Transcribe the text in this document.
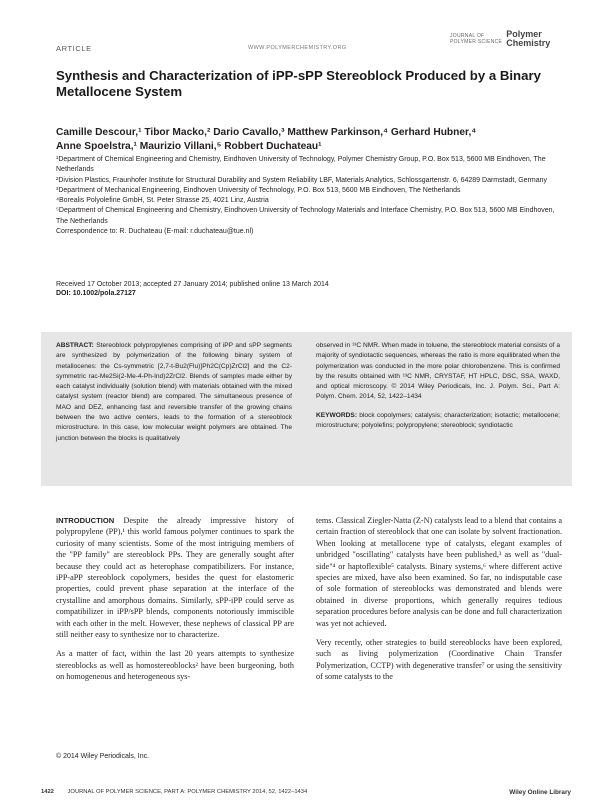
ARTICLE	WWW.POLYMERCHEMISTRY.ORG
JOURNAL OF
POLYMER SCIENCE
Polymer
Chemistry
Synthesis and Characterization of iPP-sPP Stereoblock Produced by a Binary Metallocene System
Camille Descour,¹ Tibor Macko,² Dario Cavallo,³ Matthew Parkinson,⁴ Gerhard Hubner,⁴
Anne Spoelstra,¹ Maurizio Villani,⁵ Robbert Duchateau¹
¹Department of Chemical Engineering and Chemistry, Eindhoven University of Technology, Polymer Chemistry Group, P.O. Box 513, 5600 MB Eindhoven, The Netherlands
²Division Plastics, Fraunhofer Institute for Structural Durability and System Reliability LBF, Materials Analytics, Schlossgartenstr. 6, 64289 Darmstadt, Germany
³Department of Mechanical Engineering, Eindhoven University of Technology, P.O. Box 513, 5600 MB Eindhoven, The Netherlands
⁴Borealis Polyolefine GmbH, St. Peter Strasse 25, 4021 Linz, Austria
⁵Department of Chemical Engineering and Chemistry, Eindhoven University of Technology Materials and Interface Chemistry, P.O. Box 513, 5600 MB Eindhoven, The Netherlands
Correspondence to: R. Duchateau (E-mail: r.duchateau@tue.nl)
Received 17 October 2013; accepted 27 January 2014; published online 13 March 2014
DOI: 10.1002/pola.27127
ABSTRACT: Stereoblock polypropylenes comprising of iPP and sPP segments are synthesized by polymerization of the following binary system of metallocenes: the Cs-symmetric [2,7-t-Bu2(Flu)]Ph2C(Cp)ZrCl2] and the C2-symmetric rac-Me2Si(2-Me-4-Ph-Ind)2ZrCl2. Blends of samples made either by each catalyst individually (solution blend) with materials obtained with the mixed catalyst system (reactor blend) are compared. The simultaneous presence of MAO and DEZ, enhancing fast and reversible transfer of the growing chains between the two active centers, leads to the formation of a stereoblock microstructure. In this case, low molecular weight polymers are obtained. The junction between the blocks is qualitatively
observed in ¹³C NMR. When made in toluene, the stereoblock material consists of a majority of syndiotactic sequences, whereas the ratio is more equilibrated when the polymerization was conducted in the more polar chlorobenzene. This is confirmed by the results obtained with ¹³C NMR, CRYSTAF, HT HPLC, DSC, SSA, WAXD, and optical microscopy. © 2014 Wiley Periodicals, Inc. J. Polym. Sci., Part A: Polym. Chem. 2014, 52, 1422–1434
KEYWORDS: block copolymers; catalysis; characterization; isotactic; metallocene; microstructure; polyolefins; polypropylene; stereoblock; syndiotactic

INTRODUCTION Despite the already impressive history of polypropylene (PP),¹ this world famous polymer continues to spark the curiosity of many scientists. Some of the most intriguing members of the "PP family" are stereoblock PPs. They are generally sought after because they could act as heterophase compatibilizers. For instance, iPP-aPP stereoblock copolymers, besides the quest for elastomeric properties, could prevent phase separation at the interface of the crystalline and amorphous domains. Similarly, sPP-iPP could serve as compatibilizer in iPP/sPP blends, components notoriously immiscible with each other in the melt. However, these nephews of classical PP are still neither easy to synthesize nor to characterize.

As a matter of fact, within the last 20 years attempts to synthesize stereoblocks as well as homostereoblocks² have been burgeoning, both on homogeneous and heterogeneous sys-

tems. Classical Ziegler-Natta (Z-N) catalysts lead to a blend that contains a certain fraction of stereoblock that one can isolate by solvent fractionation. When looking at metallocene type of catalysts, elegant examples of unbridged "oscillating" catalysts have been published,³ as well as "dual-side"⁴ or haptoflexible⁵ catalysts. Binary systems,⁶ where different active species are mixed, have also been examined. So far, no indisputable case of sole formation of stereoblocks was demonstrated and blends were obtained in diverse proportions, which generally requires tedious separation procedures before analysis can be done and full characterization was yet not achieved.

Very recently, other strategies to build stereoblocks have been explored, such as living polymerization (Coordinative Chain Transfer Polymerization, CCTP) with degenerative transfer⁷ or using the sensitivity of some catalysts to the

© 2014 Wiley Periodicals, Inc.
1422 JOURNAL OF POLYMER SCIENCE, PART A: POLYMER CHEMISTRY 2014, 52, 1422–1434	Wiley Online Library
